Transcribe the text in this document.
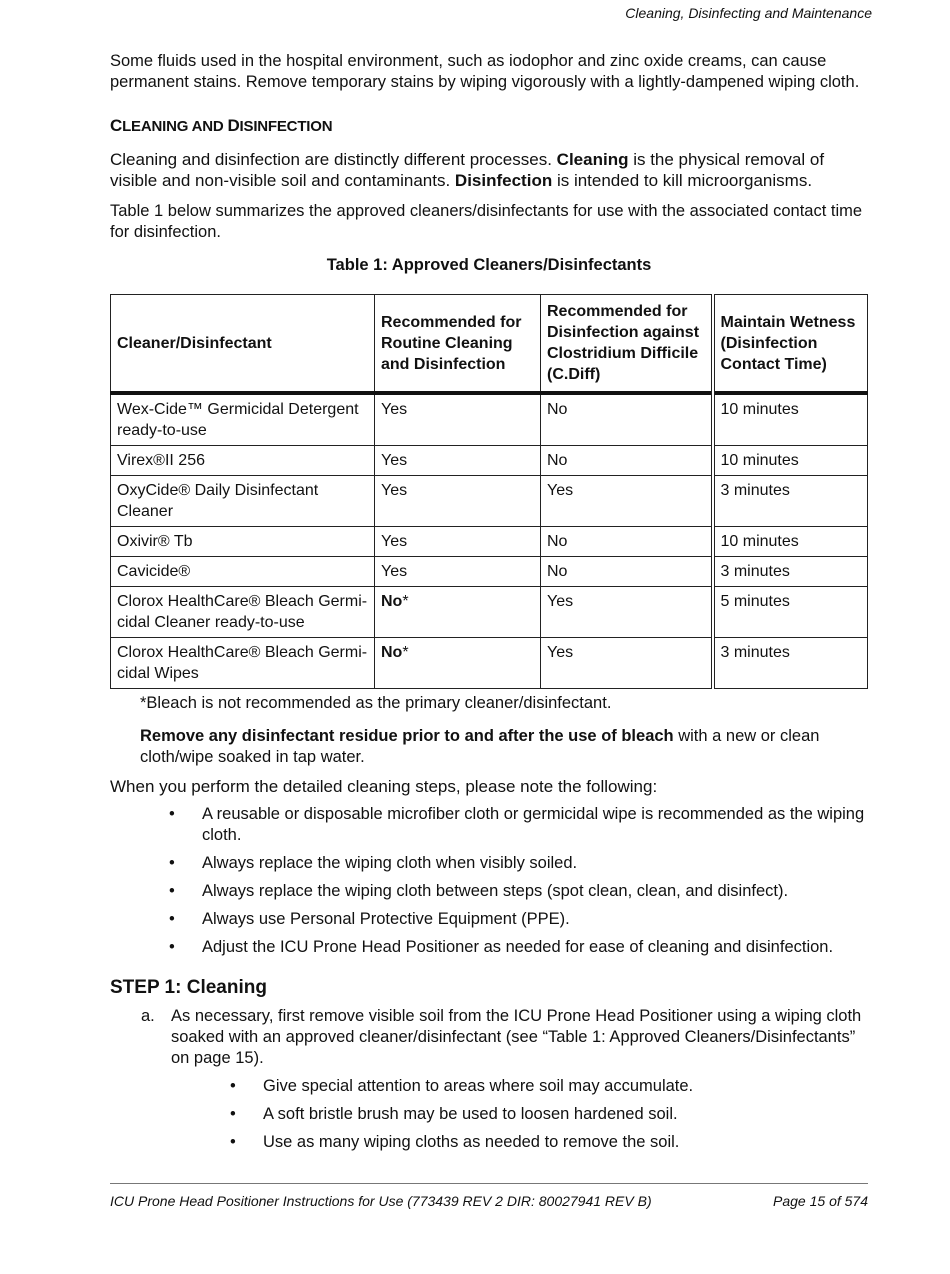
Cleaning, Disinfecting and Maintenance

Some fluids used in the hospital environment, such as iodophor and zinc oxide creams, can cause permanent stains. Remove temporary stains by wiping vigorously with a lightly-dampened wiping cloth.

CLEANING AND DISINFECTION

Cleaning and disinfection are distinctly different processes. Cleaning is the physical removal of visible and non-visible soil and contaminants. Disinfection is intended to kill microorganisms.

Table 1 below summarizes the approved cleaners/disinfectants for use with the associated contact time for disinfection.

Table 1: Approved Cleaners/Disinfectants
Cleaner/Disinfectant	Recommended for Routine Cleaning and Disinfection	Recommended for Disinfection against Clostridium Difficile (C.Diff)	Maintain Wetness (Disinfection Contact Time)
Wex-Cide™ Germicidal Detergent ready-to-use	Yes	No	10 minutes
Virex®II 256	Yes	No	10 minutes
OxyCide® Daily Disinfectant Cleaner	Yes	Yes	3 minutes
Oxivir® Tb	Yes	No	10 minutes
Cavicide®	Yes	No	3 minutes
Clorox HealthCare® Bleach Germi-cidal Cleaner ready-to-use	No*	Yes	5 minutes
Clorox HealthCare® Bleach Germi-cidal Wipes	No*	Yes	3 minutes

*Bleach is not recommended as the primary cleaner/disinfectant.

Remove any disinfectant residue prior to and after the use of bleach with a new or clean cloth/wipe soaked in tap water.

When you perform the detailed cleaning steps, please note the following:

•	A reusable or disposable microfiber cloth or germicidal wipe is recommended as the wiping cloth.
•	Always replace the wiping cloth when visibly soiled.
•	Always replace the wiping cloth between steps (spot clean, clean, and disinfect).
•	Always use Personal Protective Equipment (PPE).
•	Adjust the ICU Prone Head Positioner as needed for ease of cleaning and disinfection.
STEP 1: Cleaning
a. As necessary, first remove visible soil from the ICU Prone Head Positioner using a wiping cloth soaked with an approved cleaner/disinfectant (see “Table 1: Approved Cleaners/Disinfectants” on page 15).
•	Give special attention to areas where soil may accumulate.
•	A soft bristle brush may be used to loosen hardened soil.
•	Use as many wiping cloths as needed to remove the soil.
ICU Prone Head Positioner Instructions for Use (773439 REV 2 DIR: 80027941 REV B)	Page 15 of 574
